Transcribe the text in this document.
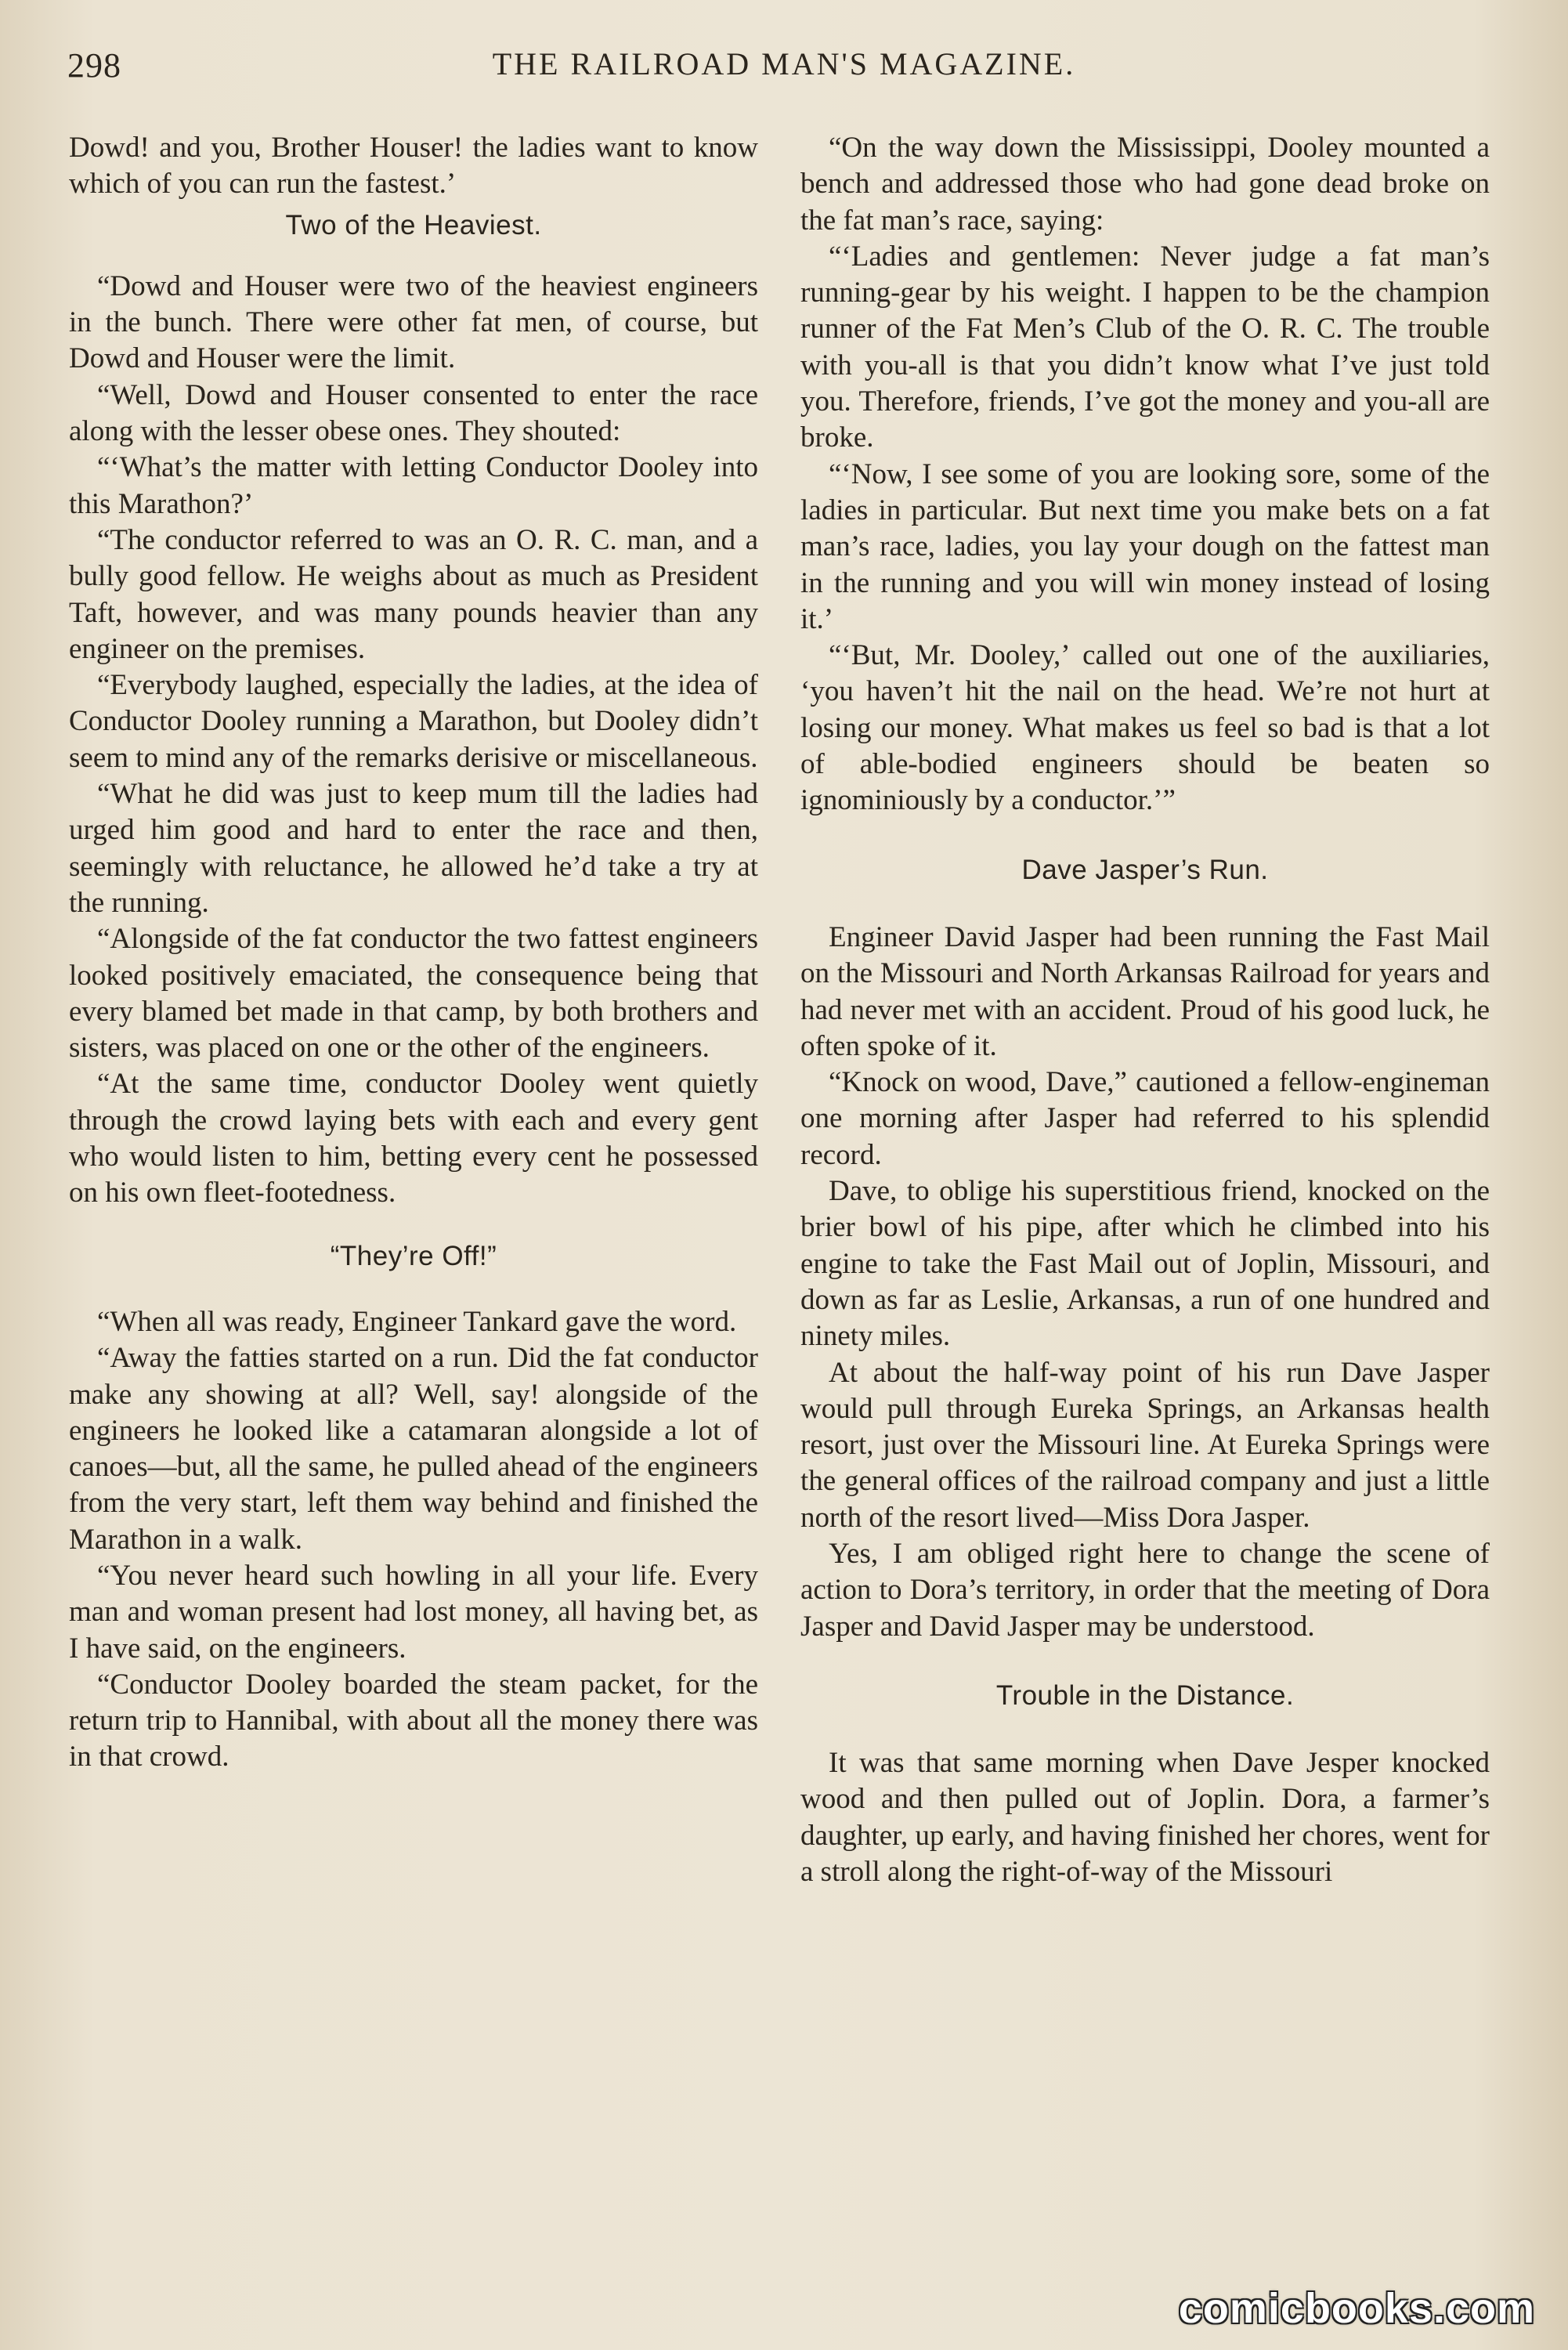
298	THE RAILROAD MAN'S MAGAZINE.

Dowd! and you, Brother Houser! the ladies want to know which of you can run the fastest.’

Two of the Heaviest.

“Dowd and Houser were two of the heaviest engineers in the bunch. There were other fat men, of course, but Dowd and Houser were the limit.

“Well, Dowd and Houser consented to enter the race along with the lesser obese ones. They shouted:

“‘What’s the matter with letting Conductor Dooley into this Marathon?’

“The conductor referred to was an O. R. C. man, and a bully good fellow. He weighs about as much as President Taft, however, and was many pounds heavier than any engineer on the premises.

“Everybody laughed, especially the ladies, at the idea of Conductor Dooley running a Marathon, but Dooley didn’t seem to mind any of the remarks derisive or miscellaneous.

“What he did was just to keep mum till the ladies had urged him good and hard to enter the race and then, seemingly with reluctance, he allowed he’d take a try at the running.

“Alongside of the fat conductor the two fattest engineers looked positively emaciated, the consequence being that every blamed bet made in that camp, by both brothers and sisters, was placed on one or the other of the engineers.

“At the same time, conductor Dooley went quietly through the crowd laying bets with each and every gent who would listen to him, betting every cent he possessed on his own fleet-footedness.

“They’re Off!”

“When all was ready, Engineer Tankard gave the word.

“Away the fatties started on a run. Did the fat conductor make any showing at all? Well, say! alongside of the engineers he looked like a catamaran alongside a lot of canoes—but, all the same, he pulled ahead of the engineers from the very start, left them way behind and finished the Marathon in a walk.

“You never heard such howling in all your life. Every man and woman present had lost money, all having bet, as I have said, on the engineers.

“Conductor Dooley boarded the steam packet, for the return trip to Hannibal, with about all the money there was in that crowd.

“On the way down the Mississippi, Dooley mounted a bench and addressed those who had gone dead broke on the fat man’s race, saying:

“‘Ladies and gentlemen: Never judge a fat man’s running-gear by his weight. I happen to be the champion runner of the Fat Men’s Club of the O. R. C. The trouble with you-all is that you didn’t know what I’ve just told you. Therefore, friends, I’ve got the money and you-all are broke.

“‘Now, I see some of you are looking sore, some of the ladies in particular. But next time you make bets on a fat man’s race, ladies, you lay your dough on the fattest man in the running and you will win money instead of losing it.’

“‘But, Mr. Dooley,’ called out one of the auxiliaries, ‘you haven’t hit the nail on the head. We’re not hurt at losing our money. What makes us feel so bad is that a lot of able-bodied engineers should be beaten so ignominiously by a conductor.’”

Dave Jasper’s Run.

Engineer David Jasper had been running the Fast Mail on the Missouri and North Arkansas Railroad for years and had never met with an accident. Proud of his good luck, he often spoke of it.

“Knock on wood, Dave,” cautioned a fellow-engineman one morning after Jasper had referred to his splendid record.

Dave, to oblige his superstitious friend, knocked on the brier bowl of his pipe, after which he climbed into his engine to take the Fast Mail out of Joplin, Missouri, and down as far as Leslie, Arkansas, a run of one hundred and ninety miles.

At about the half-way point of his run Dave Jasper would pull through Eureka Springs, an Arkansas health resort, just over the Missouri line. At Eureka Springs were the general offices of the railroad company and just a little north of the resort lived—Miss Dora Jasper.

Yes, I am obliged right here to change the scene of action to Dora’s territory, in order that the meeting of Dora Jasper and David Jasper may be understood.

Trouble in the Distance.

It was that same morning when Dave Jesper knocked wood and then pulled out of Joplin. Dora, a farmer’s daughter, up early, and having finished her chores, went for a stroll along the right-of-way of the Missouri

comicbooks.com
